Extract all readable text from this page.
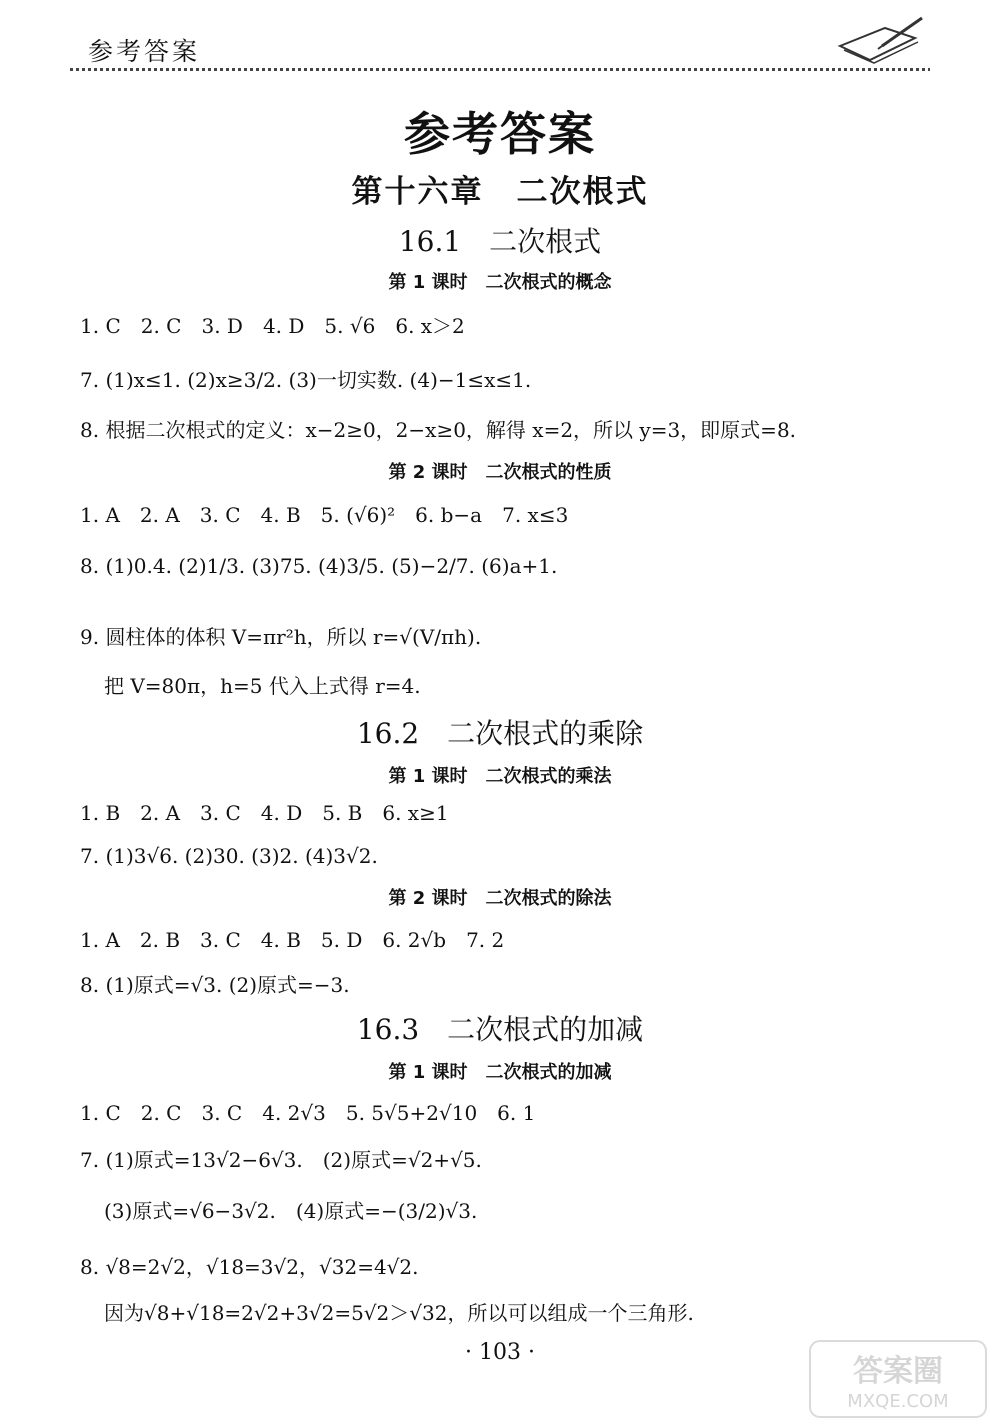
参考答案
参考答案
第十六章　二次根式
16.1　二次根式
第 1 课时　二次根式的概念
1. C　2. C　3. D　4. D　5. √6　6. x＞2
7. (1)x≤1. (2)x≥3/2. (3)一切实数. (4)−1≤x≤1.
8. 根据二次根式的定义：x−2≥0，2−x≥0，解得 x=2，所以 y=3，即原式=8.
第 2 课时　二次根式的性质
1. A　2. A　3. C　4. B　5. (√6)²　6. b−a　7. x≤3
8. (1)0.4. (2)1/3. (3)75. (4)3/5. (5)−2/7. (6)a+1.
9. 圆柱体的体积 V=πr²h，所以 r=√(V/πh).
把 V=80π，h=5 代入上式得 r=4.
16.2　二次根式的乘除
第 1 课时　二次根式的乘法
1. B　2. A　3. C　4. D　5. B　6. x≥1
7. (1)3√6. (2)30. (3)2. (4)3√2.
第 2 课时　二次根式的除法
1. A　2. B　3. C　4. B　5. D　6. 2√b　7. 2
8. (1)原式=√3. (2)原式=−3.
16.3　二次根式的加减
第 1 课时　二次根式的加减
1. C　2. C　3. C　4. 2√3　5. 5√5+2√10　6. 1
7. (1)原式=13√2−6√3.　(2)原式=√2+√5.
(3)原式=√6−3√2.　(4)原式=−(3/2)√3.
8. √8=2√2，√18=3√2，√32=4√2.
因为√8+√18=2√2+3√2=5√2＞√32，所以可以组成一个三角形.
· 103 ·
答案圈
MXQE.COM
